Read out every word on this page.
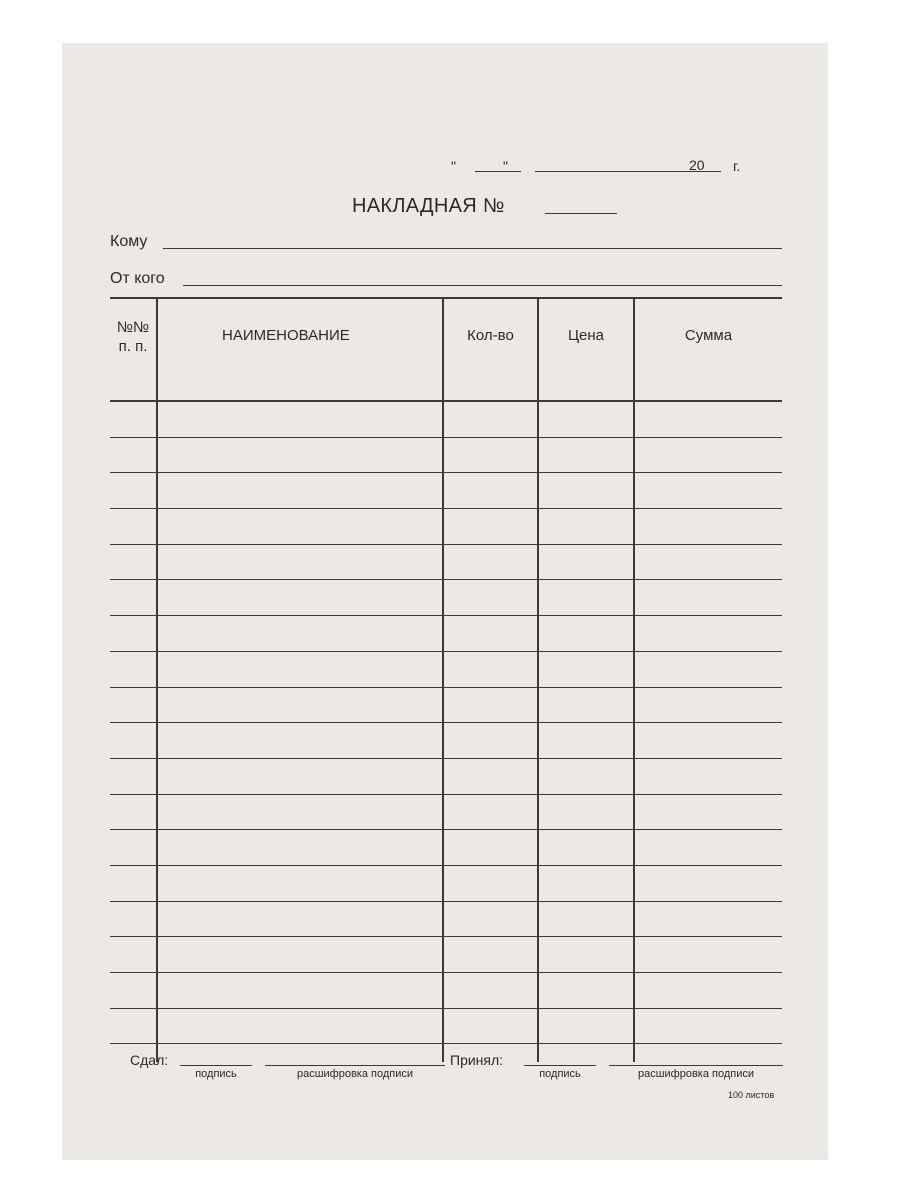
"	"	20 г.
НАКЛАДНАЯ №
Кому
От кого
№№
п. п.	НАИМЕНОВАНИЕ	Кол-во	Цена	Сумма

Сдал:
подпись	расшифровка подписи
Принял:
подпись	расшифровка подписи
100 листов
